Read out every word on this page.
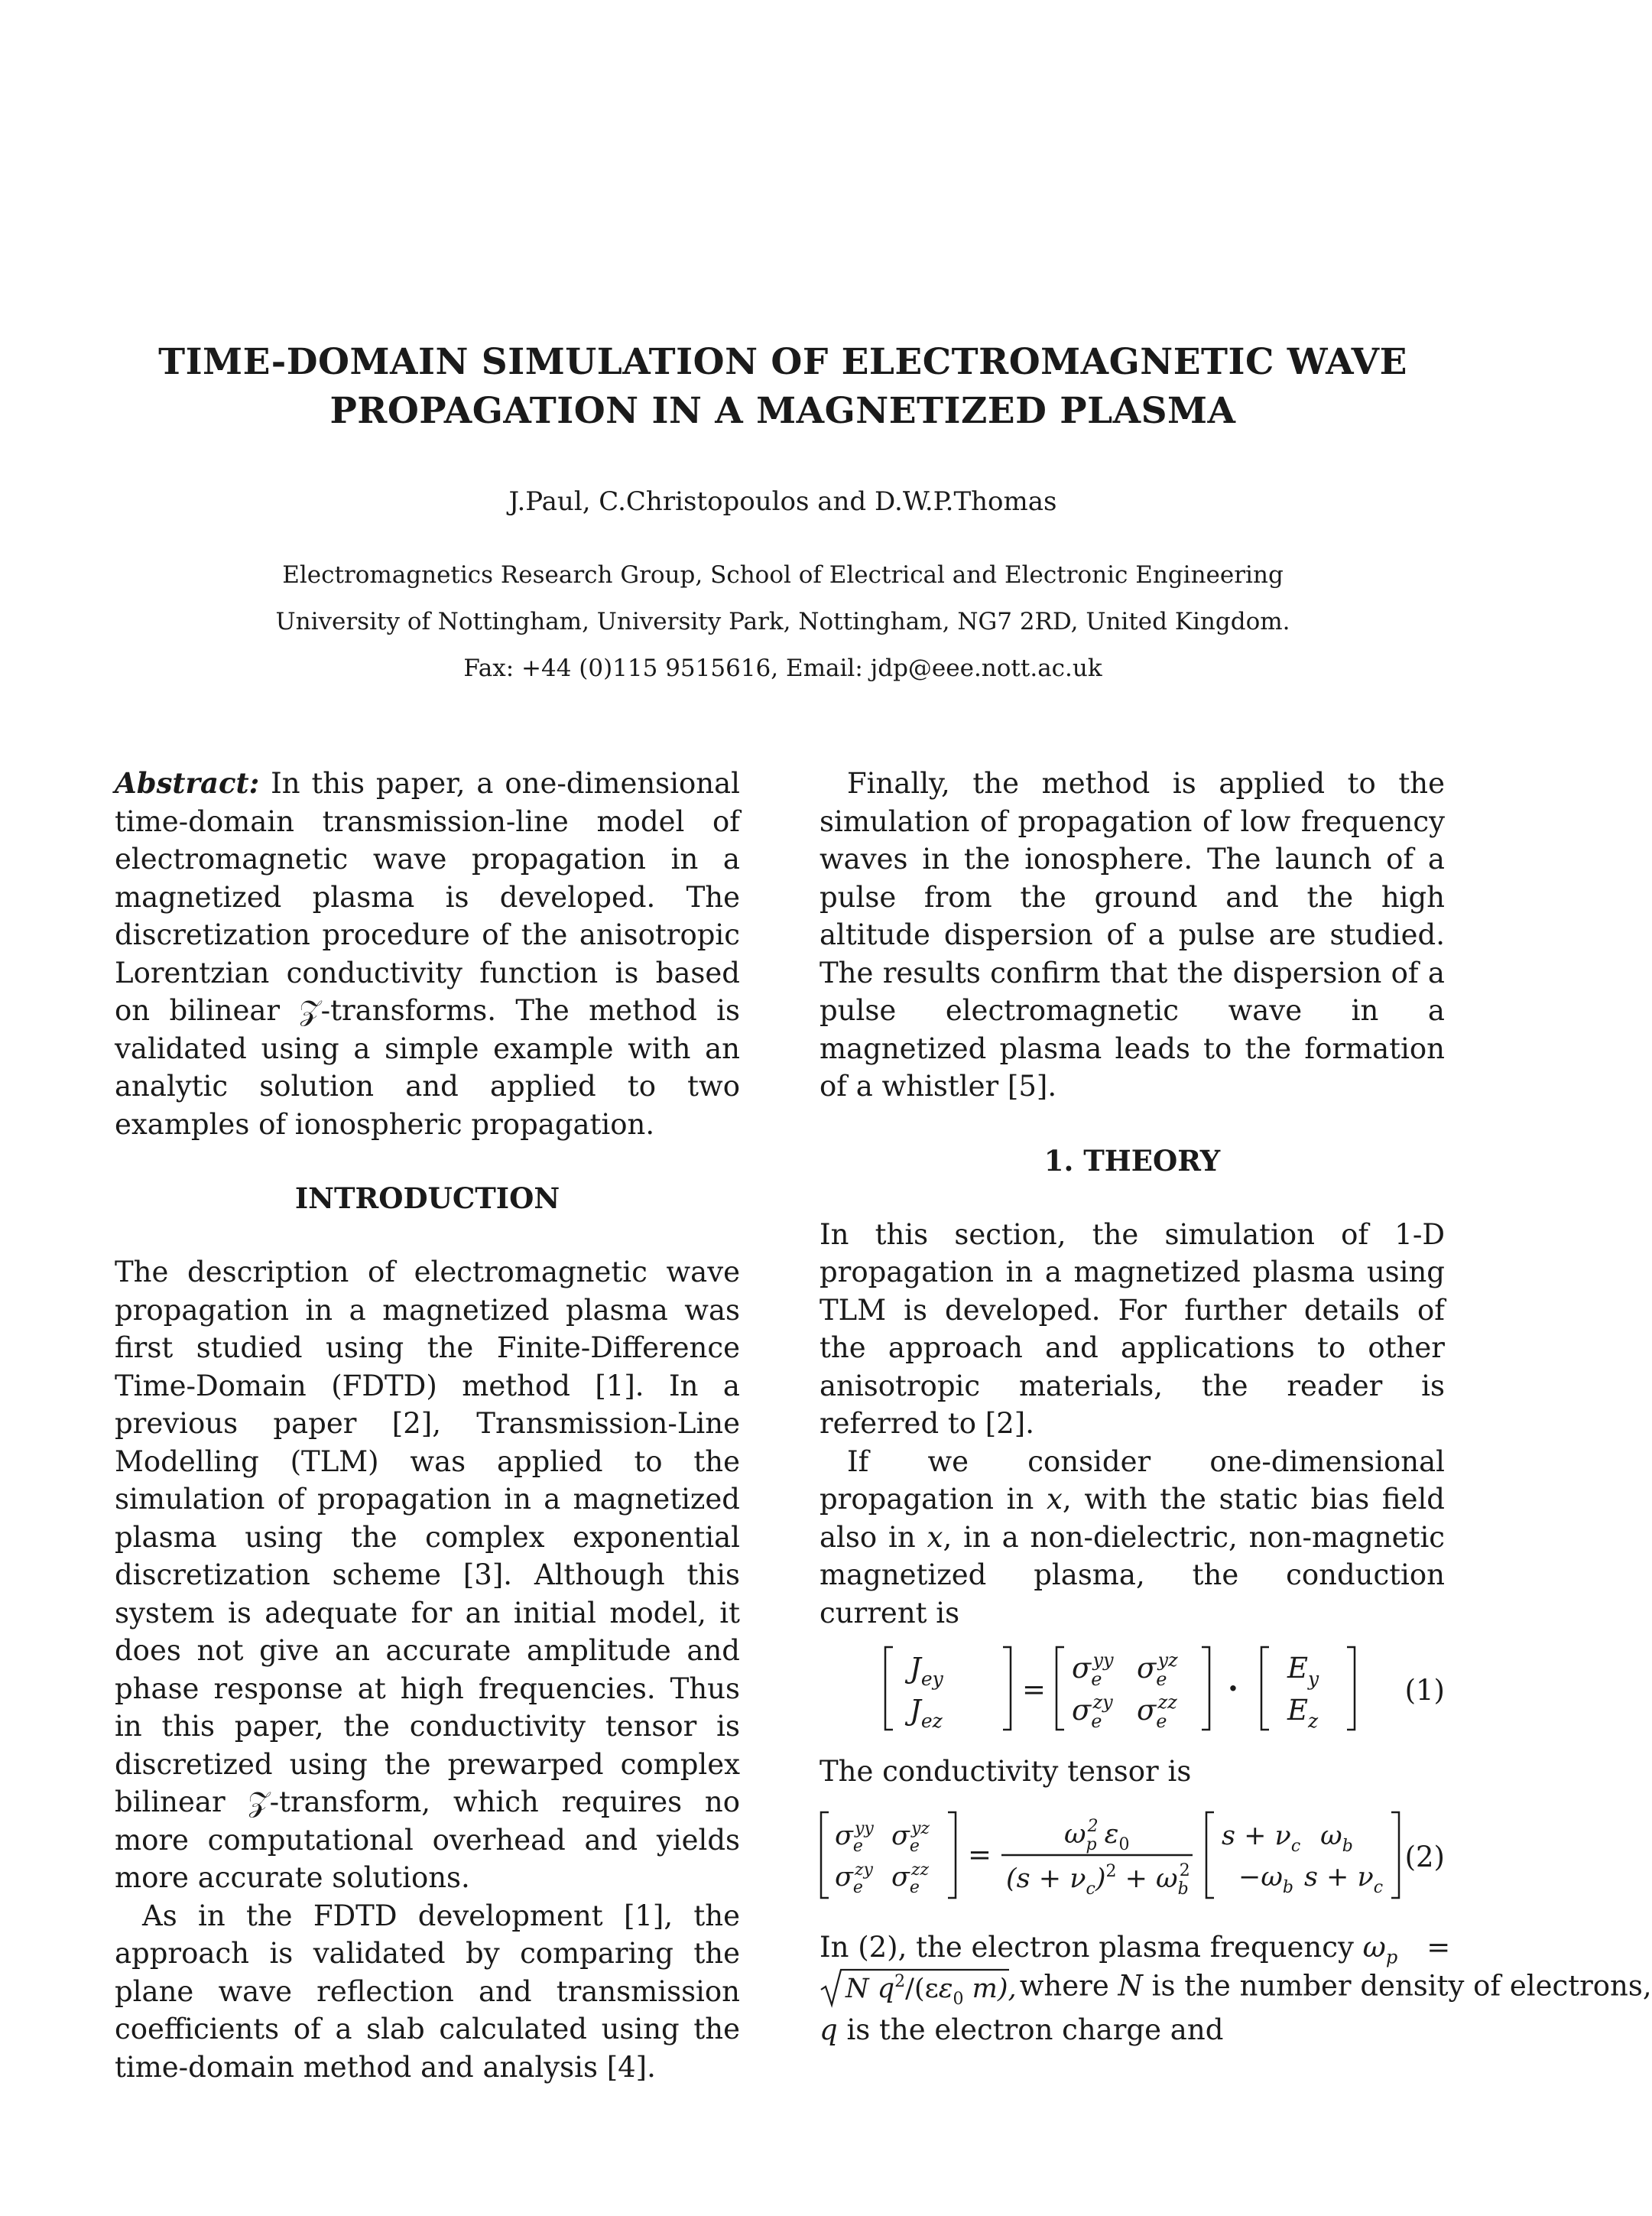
TIME-DOMAIN SIMULATION OF ELECTROMAGNETIC WAVE
PROPAGATION IN A MAGNETIZED PLASMA
J.Paul, C.Christopoulos and D.W.P.Thomas
Electromagnetics Research Group, School of Electrical and Electronic Engineering
University of Nottingham, University Park, Nottingham, NG7 2RD, United Kingdom.
Fax: +44 (0)115 9515616, Email: jdp@eee.nott.ac.uk

Abstract: In this paper, a one-dimensional time-domain transmission-line model of electromagnetic wave propagation in a magnetized plasma is developed. The discretization procedure of the anisotropic Lorentzian conductivity function is based on bilinear 𝒵-transforms. The method is validated using a simple example with an analytic solution and applied to two examples of ionospheric propagation.

INTRODUCTION

The description of electromagnetic wave propagation in a magnetized plasma was first studied using the Finite-Difference Time-Domain (FDTD) method [1]. In a previous paper [2], Transmission-Line Modelling (TLM) was applied to the simulation of propagation in a magnetized plasma using the complex exponential discretization scheme [3]. Although this system is adequate for an initial model, it does not give an accurate amplitude and phase response at high frequencies. Thus in this paper, the conductivity tensor is discretized using the prewarped complex bilinear 𝒵-transform, which requires no more computational overhead and yields more accurate solutions.

As in the FDTD development [1], the approach is validated by comparing the plane wave reflection and transmission coefficients of a slab calculated using the time-domain method and analysis [4].

Finally, the method is applied to the simulation of propagation of low frequency waves in the ionosphere. The launch of a pulse from the ground and the high altitude dispersion of a pulse are studied. The results confirm that the dispersion of a pulse electromagnetic wave in a magnetized plasma leads to the formation of a whistler [5].

1. THEORY

In this section, the simulation of 1-D propagation in a magnetized plasma using TLM is developed. For further details of the approach and applications to other anisotropic materials, the reader is referred to [2].

If we consider one-dimensional propagation in x, with the static bias field also in x, in a non-dielectric, non-magnetic magnetized plasma, the conduction current is

$J_{ey}$
$J_{ez}$
=
$\sigma_eyy$ $\sigma_eyz$
$\sigma_ezy$ $\sigma_ezz$ ·
$E_y$
$E_z$
(1)

The conductivity tensor is

$\sigma_eyy$ $\sigma_eyz$
$\sigma_ezy$ $\sigma_ezz$ =
$\omega_p2$ $\varepsilon_0$
$(s + \nu_c)^2 + \omega_b2$
$s + \nu_c$ $\omega_b$
$-\omega_b$ $s + \nu_c$
(2)
In (2), the electron plasma frequency $\omega_p$ =
N $q^2/(\varepsilon\varepsilon_0$ m),
where N is the number density of electrons,
q is the electron charge and
